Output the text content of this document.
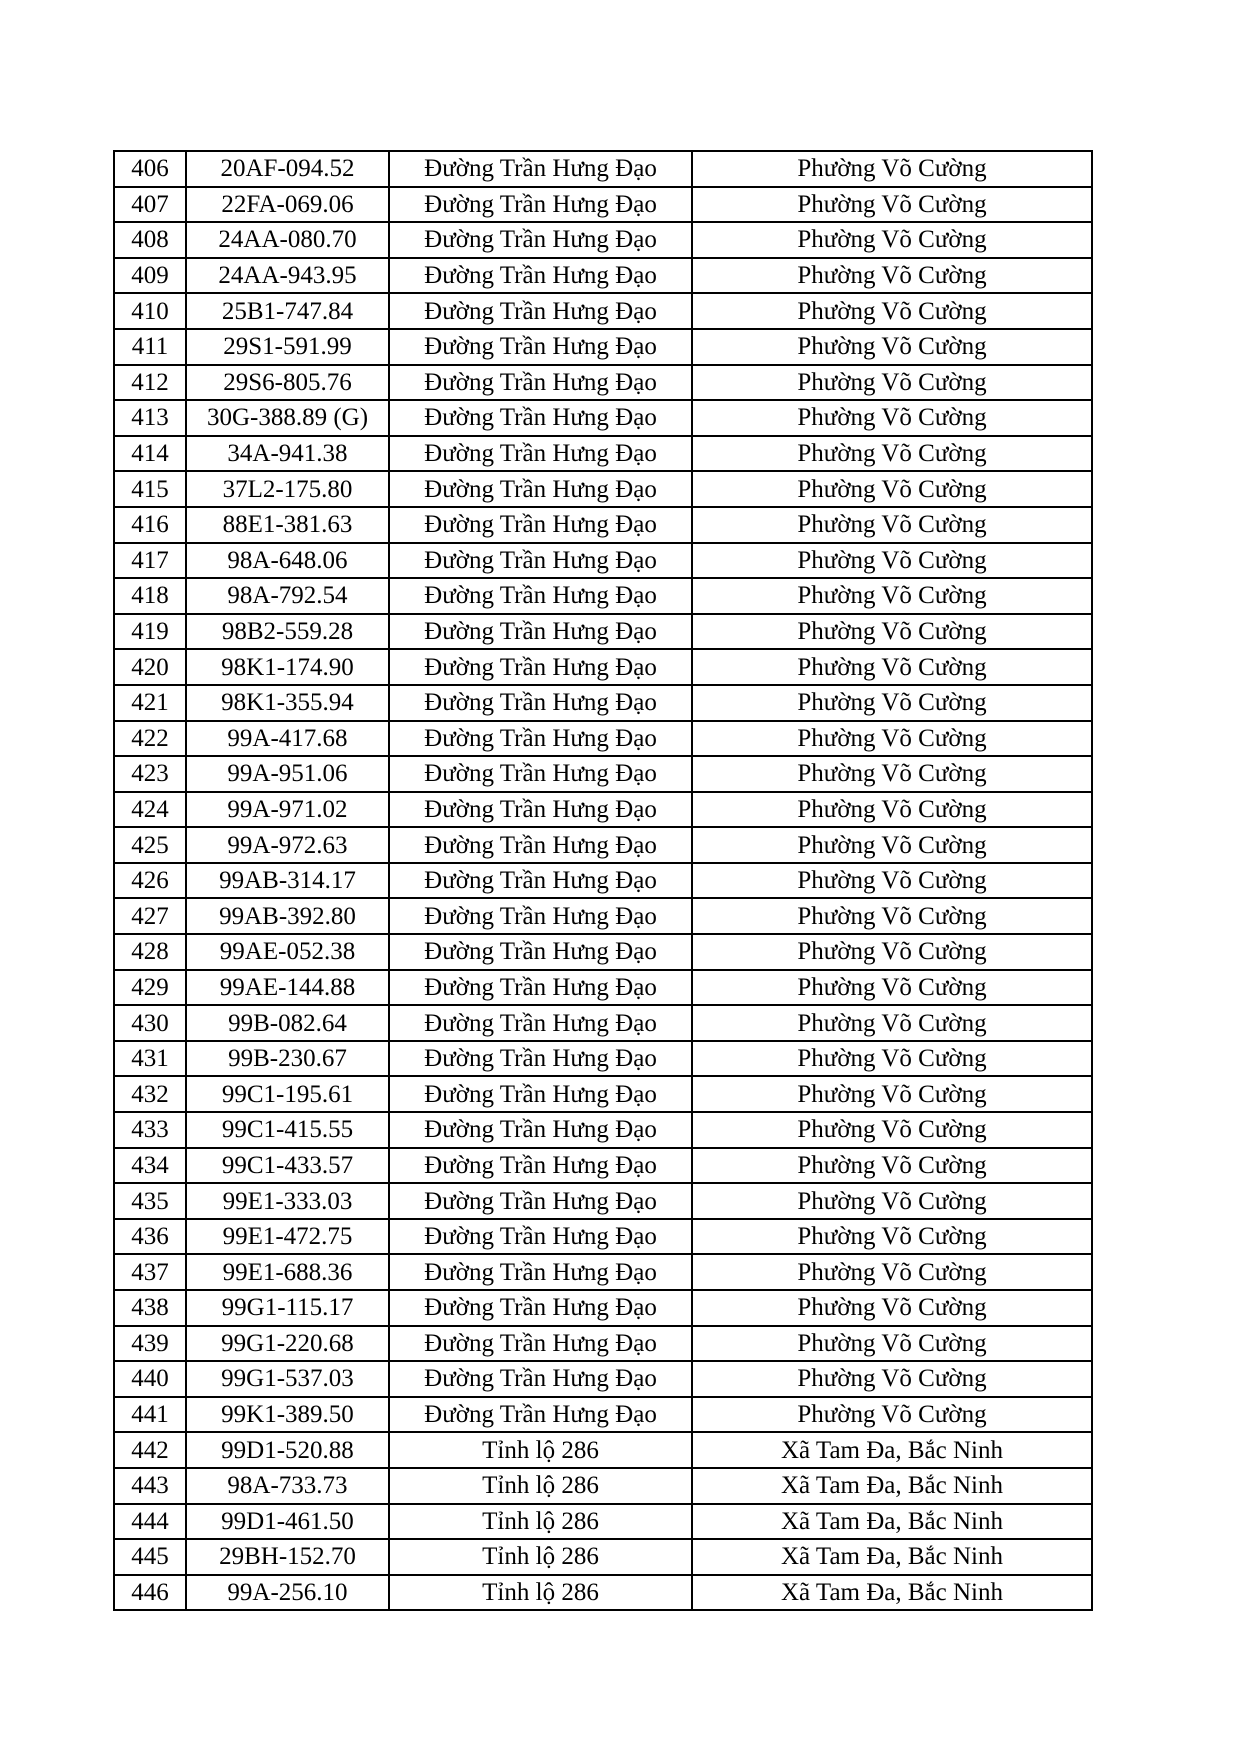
406	20AF-094.52	Đường Trần Hưng Đạo	Phường Võ Cường
407	22FA-069.06	Đường Trần Hưng Đạo	Phường Võ Cường
408	24AA-080.70	Đường Trần Hưng Đạo	Phường Võ Cường
409	24AA-943.95	Đường Trần Hưng Đạo	Phường Võ Cường
410	25B1-747.84	Đường Trần Hưng Đạo	Phường Võ Cường
411	29S1-591.99	Đường Trần Hưng Đạo	Phường Võ Cường
412	29S6-805.76	Đường Trần Hưng Đạo	Phường Võ Cường
413	30G-388.89 (G)	Đường Trần Hưng Đạo	Phường Võ Cường
414	34A-941.38	Đường Trần Hưng Đạo	Phường Võ Cường
415	37L2-175.80	Đường Trần Hưng Đạo	Phường Võ Cường
416	88E1-381.63	Đường Trần Hưng Đạo	Phường Võ Cường
417	98A-648.06	Đường Trần Hưng Đạo	Phường Võ Cường
418	98A-792.54	Đường Trần Hưng Đạo	Phường Võ Cường
419	98B2-559.28	Đường Trần Hưng Đạo	Phường Võ Cường
420	98K1-174.90	Đường Trần Hưng Đạo	Phường Võ Cường
421	98K1-355.94	Đường Trần Hưng Đạo	Phường Võ Cường
422	99A-417.68	Đường Trần Hưng Đạo	Phường Võ Cường
423	99A-951.06	Đường Trần Hưng Đạo	Phường Võ Cường
424	99A-971.02	Đường Trần Hưng Đạo	Phường Võ Cường
425	99A-972.63	Đường Trần Hưng Đạo	Phường Võ Cường
426	99AB-314.17	Đường Trần Hưng Đạo	Phường Võ Cường
427	99AB-392.80	Đường Trần Hưng Đạo	Phường Võ Cường
428	99AE-052.38	Đường Trần Hưng Đạo	Phường Võ Cường
429	99AE-144.88	Đường Trần Hưng Đạo	Phường Võ Cường
430	99B-082.64	Đường Trần Hưng Đạo	Phường Võ Cường
431	99B-230.67	Đường Trần Hưng Đạo	Phường Võ Cường
432	99C1-195.61	Đường Trần Hưng Đạo	Phường Võ Cường
433	99C1-415.55	Đường Trần Hưng Đạo	Phường Võ Cường
434	99C1-433.57	Đường Trần Hưng Đạo	Phường Võ Cường
435	99E1-333.03	Đường Trần Hưng Đạo	Phường Võ Cường
436	99E1-472.75	Đường Trần Hưng Đạo	Phường Võ Cường
437	99E1-688.36	Đường Trần Hưng Đạo	Phường Võ Cường
438	99G1-115.17	Đường Trần Hưng Đạo	Phường Võ Cường
439	99G1-220.68	Đường Trần Hưng Đạo	Phường Võ Cường
440	99G1-537.03	Đường Trần Hưng Đạo	Phường Võ Cường
441	99K1-389.50	Đường Trần Hưng Đạo	Phường Võ Cường
442	99D1-520.88	Tỉnh lộ 286	Xã Tam Đa, Bắc Ninh
443	98A-733.73	Tỉnh lộ 286	Xã Tam Đa, Bắc Ninh
444	99D1-461.50	Tỉnh lộ 286	Xã Tam Đa, Bắc Ninh
445	29BH-152.70	Tỉnh lộ 286	Xã Tam Đa, Bắc Ninh
446	99A-256.10	Tỉnh lộ 286	Xã Tam Đa, Bắc Ninh
